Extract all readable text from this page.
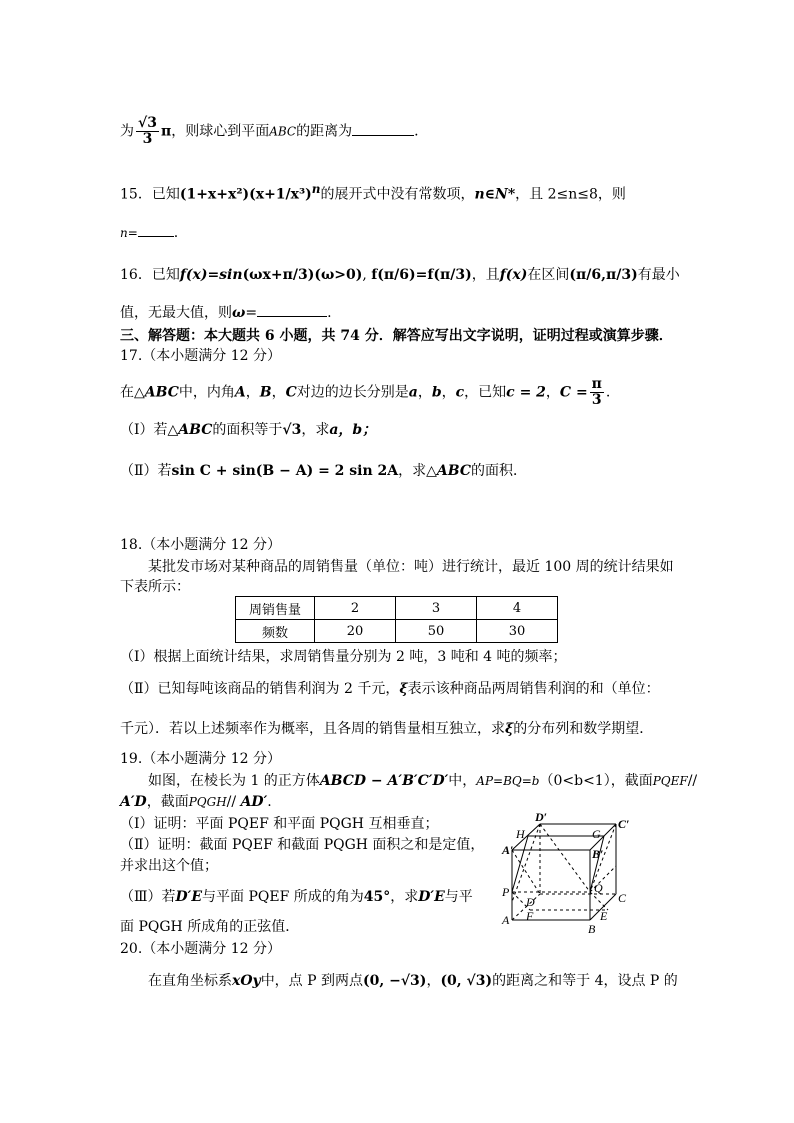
为 $\frac{√3}{3}$ π，则球心到平面ABC的距离为	.
15．已知$(1+x+x^2)(x+1/x^3)^n$的展开式中没有常数项，n∈N*，且 2≤n≤8，则
n=	.
16．已知f(x)=sin(ωx+π/3)(ω>0), f(π/6)=f(π/3)，且f(x)在区间(π/6,π/3)有最小
值，无最大值，则ω=	.
三、解答题：本大题共 6 小题，共 74 分．解答应写出文字说明，证明过程或演算步骤．
17.（本小题满分 12 分）
在△ABC中，内角A，B，C对边的边长分别是a，b，c，已知c = 2，$C = \frac{\pi}{3}$ .
（Ⅰ）若△ABC的面积等于√3，求a，b；
（Ⅱ）若sin C + sin(B − A) = 2 sin 2A，求△ABC的面积．
18.（本小题满分 12 分）
某批发市场对某种商品的周销售量（单位：吨）进行统计，最近 100 周的统计结果如
下表所示：
周销售量	2	3	4
频数	20	50	30
（Ⅰ）根据上面统计结果，求周销售量分别为 2 吨，3 吨和 4 吨的频率；
（Ⅱ）已知每吨该商品的销售利润为 2 千元，ξ表示该种商品两周销售利润的和（单位：
千元）．若以上述频率作为概率，且各周的销售量相互独立，求ξ的分布列和数学期望．
19.（本小题满分 12 分）
如图，在棱长为 1 的正方体ABCD − A′B′C′D′中，AP=BQ=b（0<b<1），截面PQEF//
A′D，截面PQGH// AD′.
（Ⅰ）证明：平面 PQEF 和平面 PQGH 互相垂直；
（Ⅱ）证明：截面 PQEF 和截面 PQGH 面积之和是定值，
并求出这个值；
（Ⅲ）若D′E与平面 PQEF 所成的角为45°，求D′E与平
面 PQGH 所成角的正弦值．
D′	C′
H	G
A′	B′
P	Q
D	C
F	E
A
B
20.（本小题满分 12 分）
在直角坐标系xOy中，点 P 到两点(0, −√3)，(0, √3)的距离之和等于 4，设点 P 的
